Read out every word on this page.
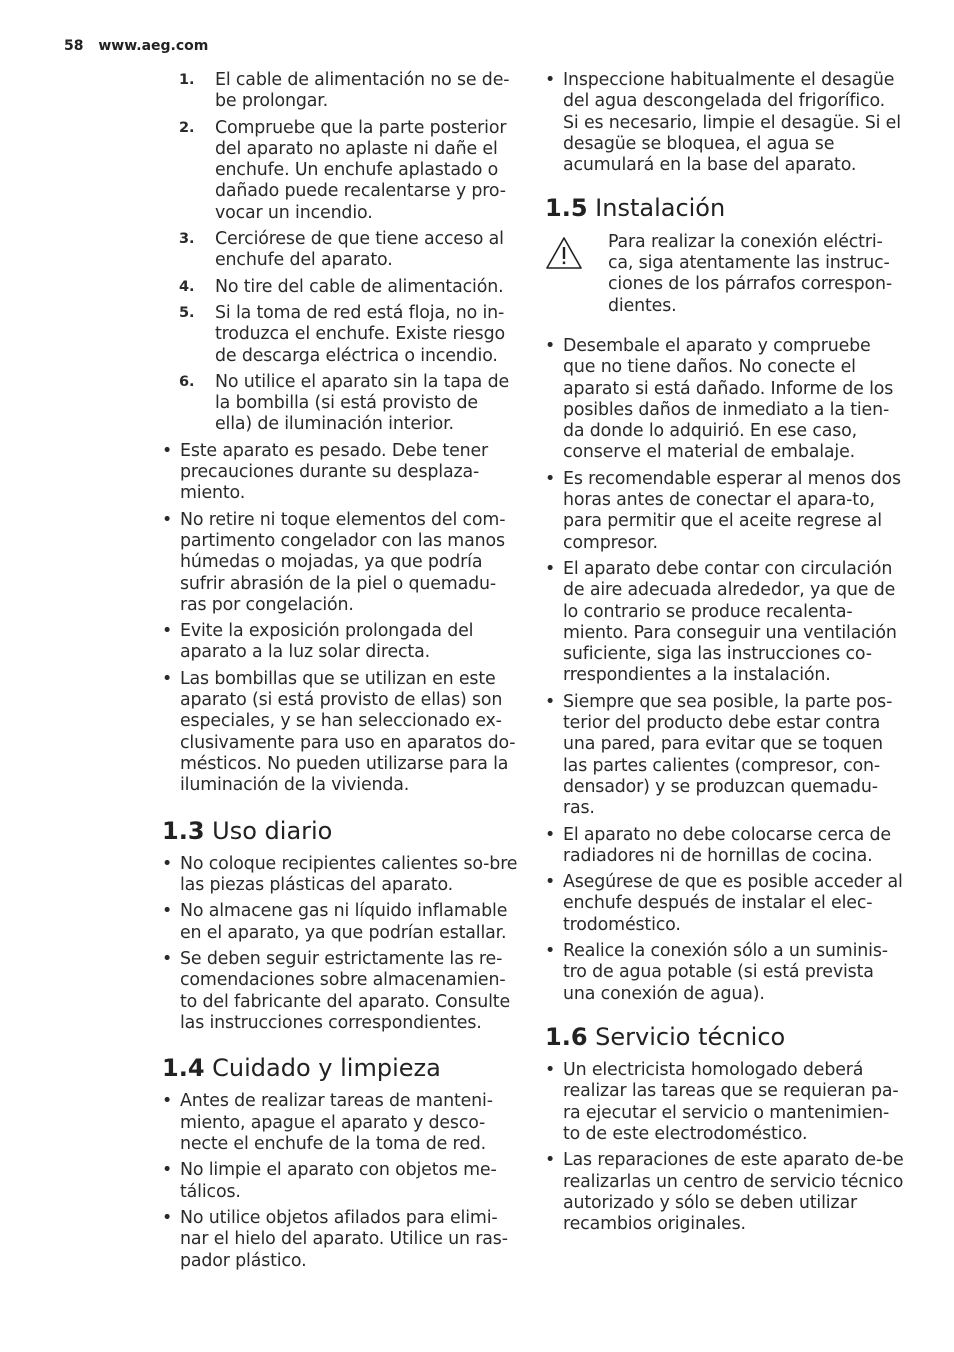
58 www.aeg.com
1. El cable de alimentación no se de-be prolongar.
2. Compruebe que la parte posterior del aparato no aplaste ni dañe el enchufe. Un enchufe aplastado o dañado puede recalentarse y pro-vocar un incendio.
3. Cerciórese de que tiene acceso al enchufe del aparato.
4. No tire del cable de alimentación.
5. Si la toma de red está floja, no in-troduzca el enchufe. Existe riesgo de descarga eléctrica o incendio.
6. No utilice el aparato sin la tapa de la bombilla (si está provisto de ella) de iluminación interior.
• Este aparato es pesado. Debe tener precauciones durante su desplaza-miento.
• No retire ni toque elementos del com-partimento congelador con las manos húmedas o mojadas, ya que podría sufrir abrasión de la piel o quemadu-ras por congelación.
• Evite la exposición prolongada del aparato a la luz solar directa.
• Las bombillas que se utilizan en este aparato (si está provisto de ellas) son especiales, y se han seleccionado ex-clusivamente para uso en aparatos do-mésticos. No pueden utilizarse para la iluminación de la vivienda.
1.3 Uso diario
• No coloque recipientes calientes so-bre las piezas plásticas del aparato.
• No almacene gas ni líquido inflamable en el aparato, ya que podrían estallar.
• Se deben seguir estrictamente las re-comendaciones sobre almacenamien-to del fabricante del aparato. Consulte las instrucciones correspondientes.
1.4 Cuidado y limpieza
• Antes de realizar tareas de manteni-miento, apague el aparato y desco-necte el enchufe de la toma de red.
• No limpie el aparato con objetos me-tálicos.
• No utilice objetos afilados para elimi-nar el hielo del aparato. Utilice un ras-pador plástico.
• Inspeccione habitualmente el desagüe del agua descongelada del frigorífico. Si es necesario, limpie el desagüe. Si el desagüe se bloquea, el agua se acumulará en la base del aparato.
1.5 Instalación
Para realizar la conexión eléctri-ca, siga atentamente las instruc-ciones de los párrafos correspon-dientes.
• Desembale el aparato y compruebe que no tiene daños. No conecte el aparato si está dañado. Informe de los posibles daños de inmediato a la tien-da donde lo adquirió. En ese caso, conserve el material de embalaje.
• Es recomendable esperar al menos dos horas antes de conectar el apara-to, para permitir que el aceite regrese al compresor.
• El aparato debe contar con circulación de aire adecuada alrededor, ya que de lo contrario se produce recalenta-miento. Para conseguir una ventilación suficiente, siga las instrucciones co-rrespondientes a la instalación.
• Siempre que sea posible, la parte pos-terior del producto debe estar contra una pared, para evitar que se toquen las partes calientes (compresor, con-densador) y se produzcan quemadu-ras.
• El aparato no debe colocarse cerca de radiadores ni de hornillas de cocina.
• Asegúrese de que es posible acceder al enchufe después de instalar el elec-trodoméstico.
• Realice la conexión sólo a un suminis-tro de agua potable (si está prevista una conexión de agua).
1.6 Servicio técnico
• Un electricista homologado deberá realizar las tareas que se requieran pa-ra ejecutar el servicio o mantenimien-to de este electrodoméstico.
• Las reparaciones de este aparato de-be realizarlas un centro de servicio técnico autorizado y sólo se deben utilizar recambios originales.
